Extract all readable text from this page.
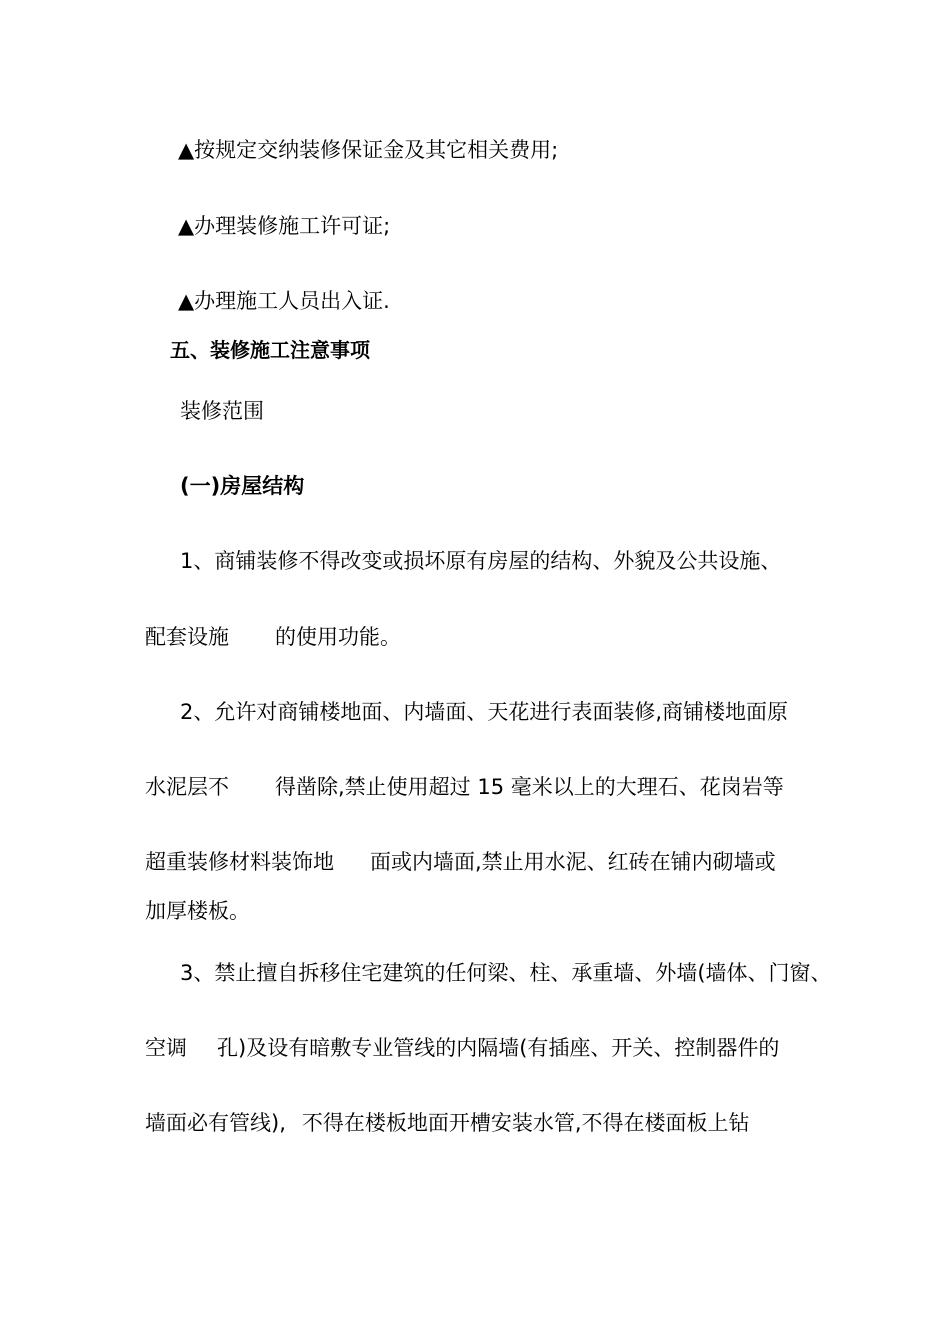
▲按规定交纳装修保证金及其它相关费用;
▲办理装修施工许可证;
▲办理施工人员出入证.
五、装修施工注意事项
装修范围
(一)房屋结构
1、商铺装修不得改变或损坏原有房屋的结构、外貌及公共设施、
配套设施 的使用功能。
2、允许对商铺楼地面、内墙面、天花进行表面装修,商铺楼地面原
水泥层不 得凿除,禁止使用超过 15 毫米以上的大理石、花岗岩等
超重装修材料装饰地 面或内墙面,禁止用水泥、红砖在铺内砌墙或
加厚楼板。
3、禁止擅自拆移住宅建筑的任何梁、柱、承重墙、外墙(墙体、门窗、
空调 孔)及设有暗敷专业管线的内隔墙(有插座、开关、控制器件的
墙面必有管线), 不得在楼板地面开槽安装水管,不得在楼面板上钻
